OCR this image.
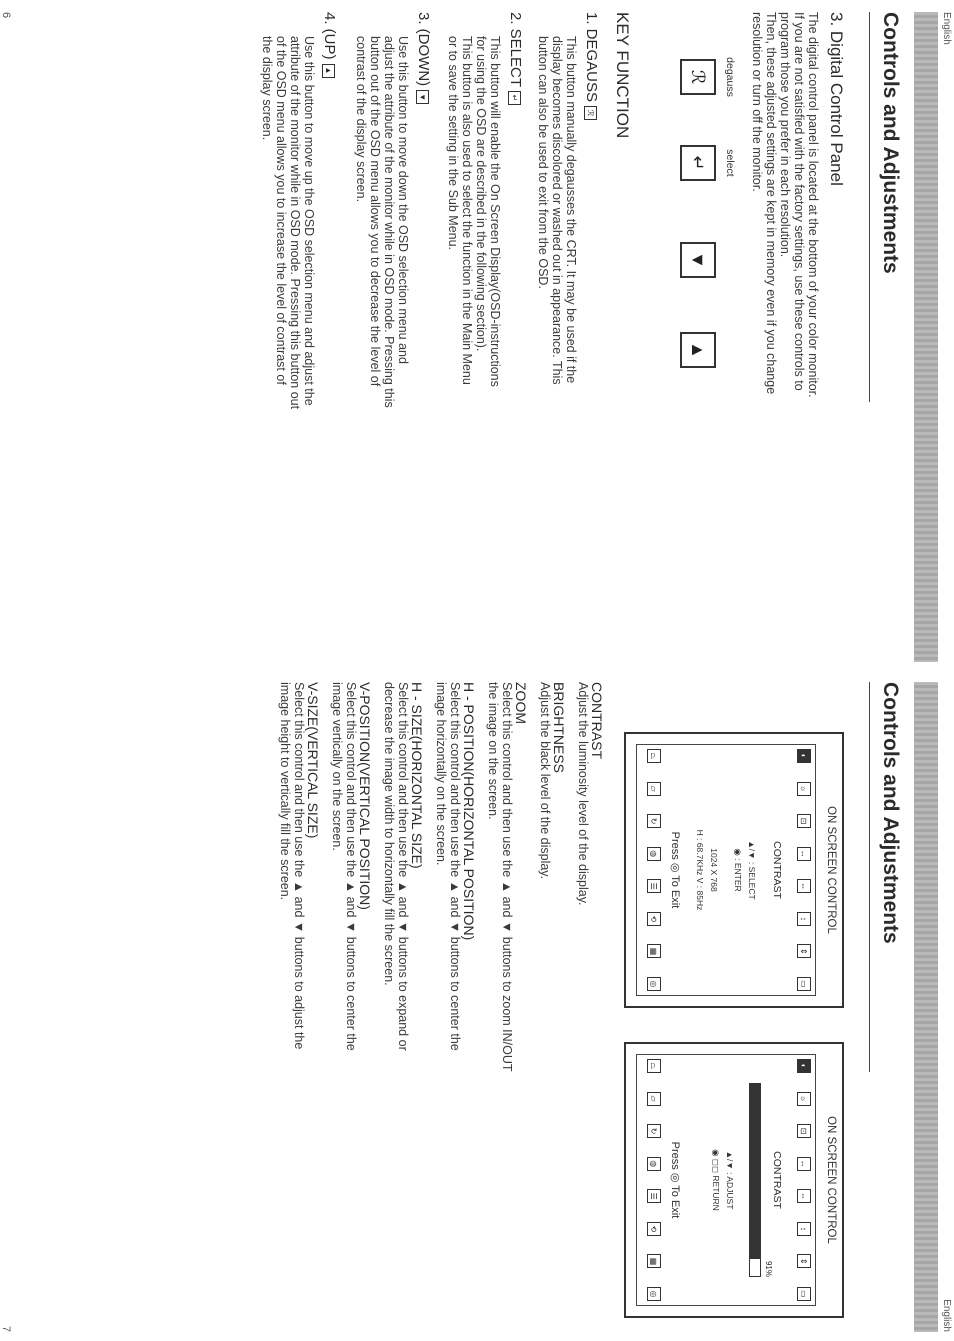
English
Controls and Adjustments
3. Digital Control Panel
The digital control panel is located at the bottom of your color monitor.
If you are not satisfied with the factory settings, use these controls to
program those you prefer in each resolution.
Then, these adjusted settings are kept in memory even if you change
resolution or turn off the monitor.
degauss
select
ℛ
↵
▼
▲
KEY FUNCTION
1. DEGAUSSℛ
This button manually degausses the CRT. It may be used if the
display becomes discolored or washed out in appearance. This
button can also be used to exit from the OSD.
2. SELECT↵
This button will enable the On Screen Display(OSD-instructions
for using the OSD are described in the following section).
This button is also used to select the function in the Main Menu
or to save the setting in the Sub Menu.
3. (DOWN)▼
Use this button to move down the OSD selection menu and
adjust the attribute of the monitor while in OSD mode. Pressing this
button out of the OSD menu allows you to decrease the level of
contrast of the display screen.
4. (UP)▲
Use this button to move up the OSD selection menu and adjust the
attribute of the monitor while in OSD mode. Pressing this button out
of the OSD menu allows you to increase the level of contrast of
the display screen.
6
English
Controls and Adjustments
ON SCREEN CONTROL
◐
☼
⊡
↔
⇔
↕
⇕
▭
CONTRAST
▲/▼ : SELECT
◉ : ENTER
1024 X 768
H : 68.7KHz V : 85Hz
Press ◎ To Exit
⏢
▱
↻
◍
☰
⟲
▦
◎
ON SCREEN CONTROL
◐
☼
⊡
↔
⇔
↕
⇕
▭
CONTRAST
91%
▲/▼ : ADJUST
◉ ◻◻ RETURN
Press ◎ To Exit
⏢
▱
↻
◍
☰
⟲
▦
◎
CONTRAST
Adjust the luminosity level of the display.
BRIGHTNESS
Adjust the black level of the display.
ZOOM
Select this control and then use the ▲ and ▼ buttons to zoom IN/OUT
the image on the screen.
H - POSITION(HORIZONTAL POSITION)
Select this control and then use the ▲ and ▼ buttons to center the
image horizontally on the screen.
H - SIZE(HORIZONTAL SIZE)
Select this control and then use the ▲ and ▼ buttons to expand or
decrease the image width to horizontally fill the screen.
V-POSITION(VERTICAL POSITION)
Select this control and then use the ▲ and ▼ buttons to center the
image vertically on the screen.
V-SIZE(VERTICAL SIZE)
Select this control and then use the ▲ and ▼ buttons to adjust the
image height to vertically fill the screen.
7
